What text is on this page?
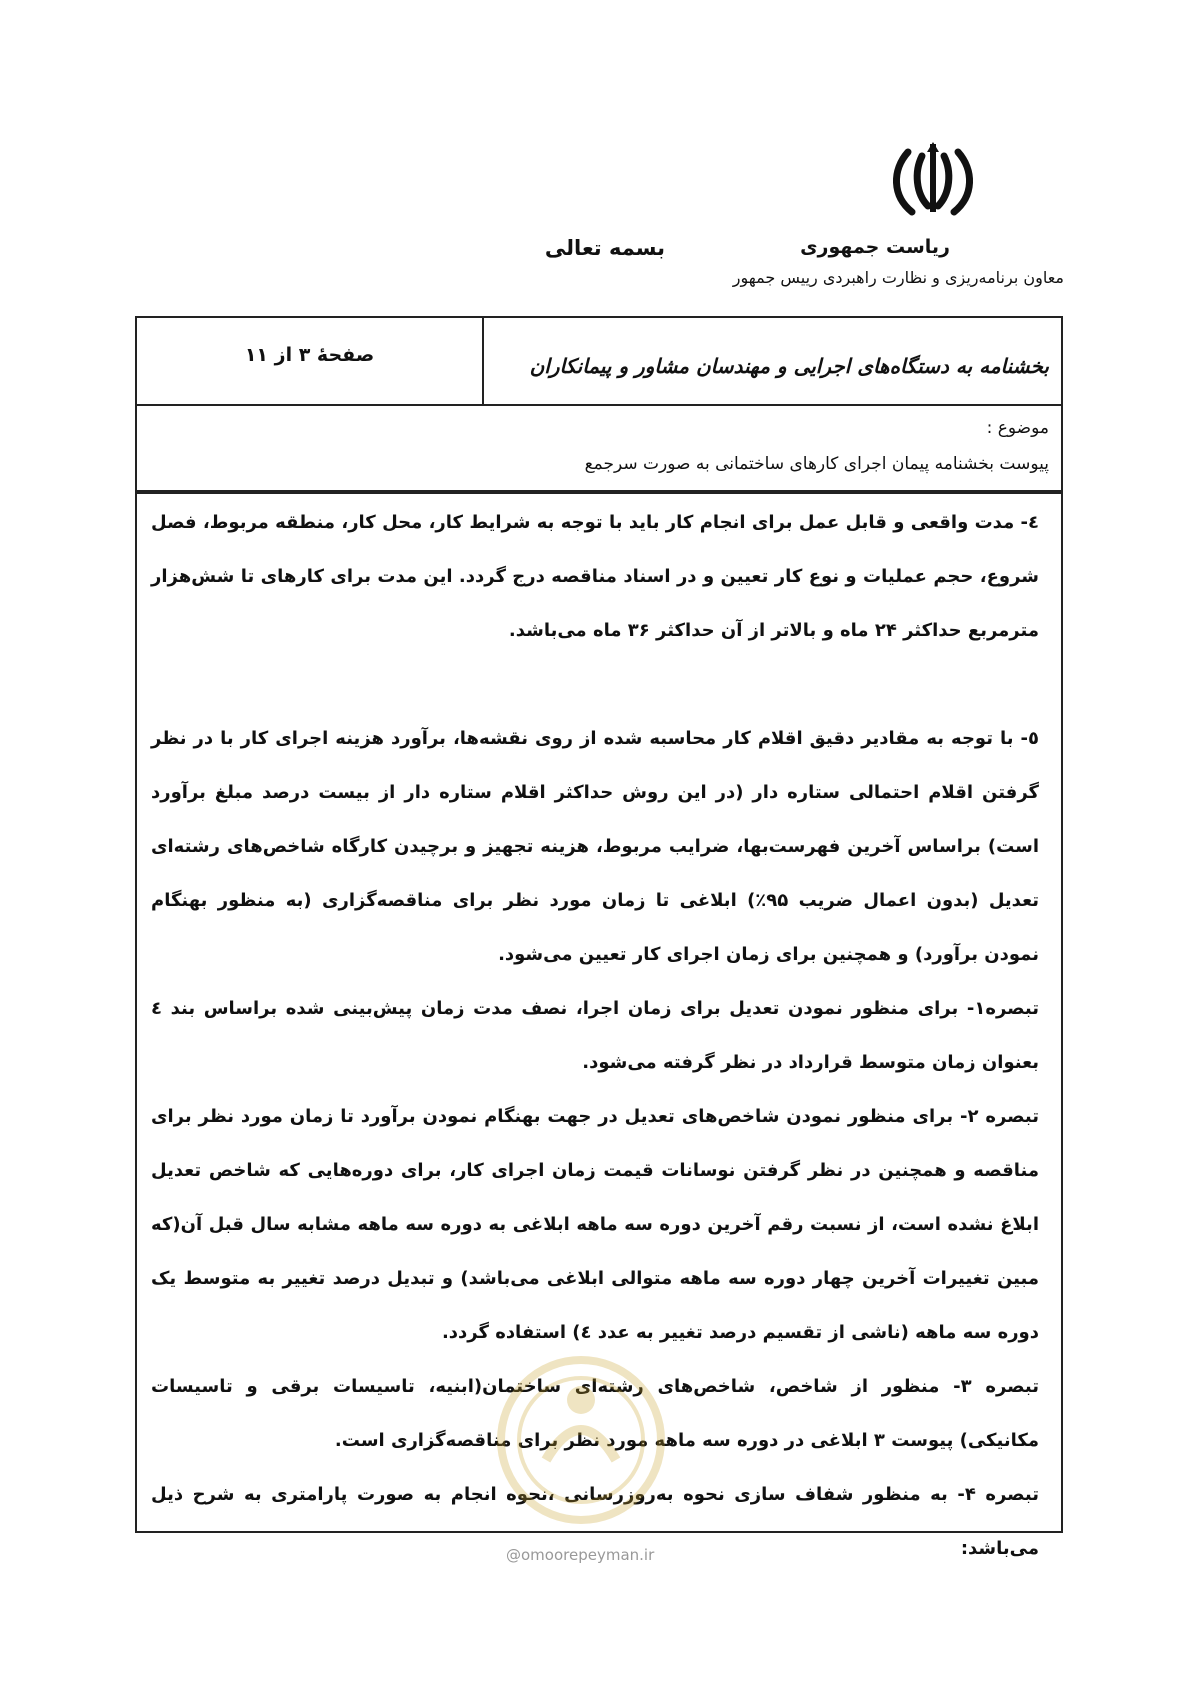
بسمه تعالی	ریاست جمهوری
معاون برنامه‌ریزی و نظارت راهبردی رییس جمهور
صفحهٔ ۳ از ۱۱	بخشنامه به دستگاه‌های اجرایی و مهندسان مشاور و پیمانکاران
موضوع :
پیوست بخشنامه پیمان اجرای کارهای ساختمانی به صورت سرجمع

٤- مدت واقعی و قابل عمل برای انجام کار باید با توجه به شرایط کار، محل کار، منطقه مربوط، فصل شروع، حجم عملیات و نوع کار تعیین و در اسناد مناقصه درج گردد. این مدت برای کارهای تا شش‌هزار مترمربع حداکثر ۲۴ ماه و بالاتر از آن حداکثر ۳۶ ماه می‌باشد.

٥- با توجه به مقادیر دقیق اقلام کار محاسبه شده از روی نقشه‌ها، برآورد هزینه اجرای کار با در نظر گرفتن اقلام احتمالی ستاره دار (در این روش حداکثر اقلام ستاره دار از بیست درصد مبلغ برآورد است) براساس آخرین فهرست‌بها، ضرایب مربوط، هزینه تجهیز و برچیدن کارگاه شاخص‌های رشته‌ای تعدیل (بدون اعمال ضریب ۹۵٪) ابلاغی تا زمان مورد نظر برای مناقصه‌گزاری (به منظور بهنگام نمودن برآورد) و همچنین برای زمان اجرای کار تعیین می‌شود.

تبصره۱- برای منظور نمودن تعدیل برای زمان اجرا، نصف مدت زمان پیش‌بینی شده براساس بند ٤ بعنوان زمان متوسط قرارداد در نظر گرفته می‌شود.

تبصره ۲- برای منظور نمودن شاخص‌های تعدیل در جهت بهنگام نمودن برآورد تا زمان مورد نظر برای مناقصه و همچنین در نظر گرفتن نوسانات قیمت زمان اجرای کار، برای دوره‌هایی که شاخص تعدیل ابلاغ نشده است، از نسبت رقم آخرین دوره سه ماهه ابلاغی به دوره سه ماهه مشابه سال قبل آن(که مبین تغییرات آخرین چهار دوره سه ماهه متوالی ابلاغی می‌باشد) و تبدیل درصد تغییر به متوسط یک دوره سه ماهه (ناشی از تقسیم درصد تغییر به عدد ٤) استفاده گردد.

تبصره ۳- منظور از شاخص، شاخص‌های رشته‌ای ساختمان(ابنیه، تاسیسات برقی و تاسیسات مکانیکی) پیوست ۳ ابلاغی در دوره سه ماهه مورد نظر برای مناقصه‌گزاری است.

تبصره ۴- به منظور شفاف سازی نحوه به‌روزرسانی ،نحوه انجام به صورت پارامتری به شرح ذیل می‌باشد:

@omoorepeyman.ir
